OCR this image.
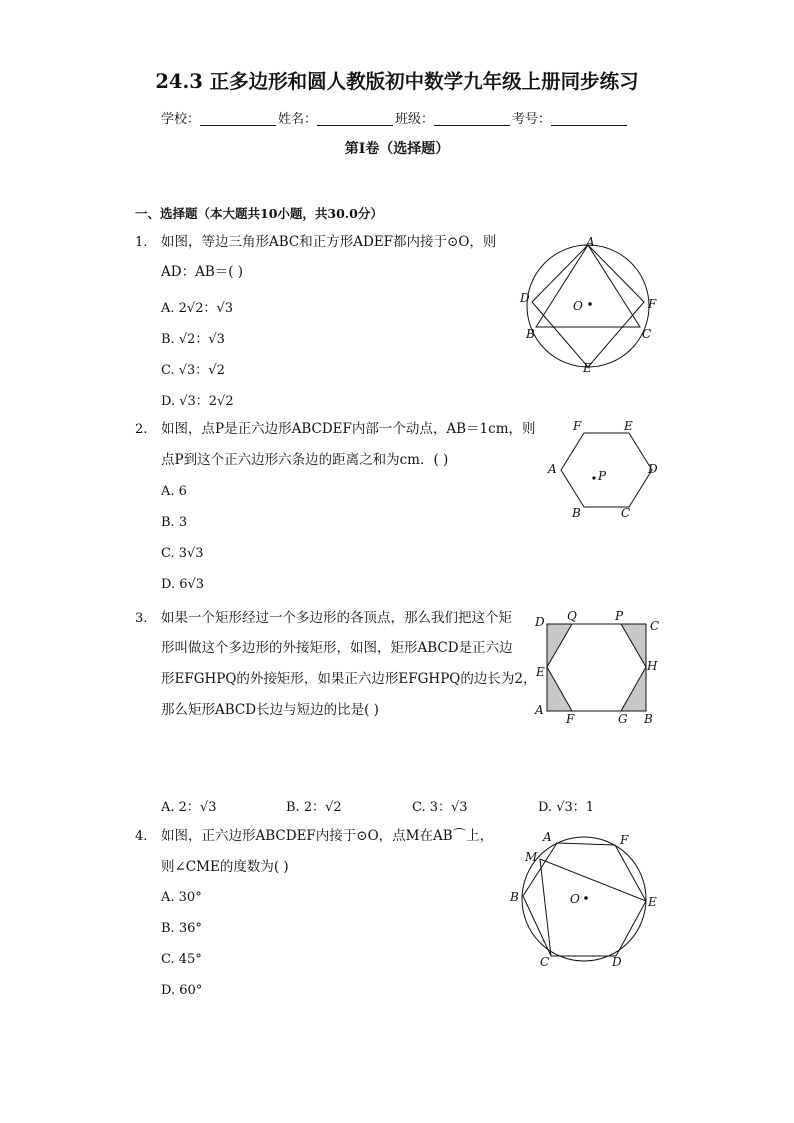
24.3 正多边形和圆人教版初中数学九年级上册同步练习
学校：	姓名：	班级：	考号：
第I卷（选择题）
一、选择题（本大题共10小题，共30.0分）
1. 如图，等边三角形ABC和正方形ADEF都内接于⊙O，则
AD：AB＝( )
A. 2√2：√3
B. √2：√3
C. √3：√2
D. √3：2√2
A
D	F
B	C
E
O
2. 如图，点P是正六边形ABCDEF内部一个动点，AB＝1cm，则
点P到这个正六边形六条边的距离之和为cm．( )
A. 6
B. 3
C. 3√3
D. 6√3
F	E
A	D
P
B	C
3. 如果一个矩形经过一个多边形的各顶点，那么我们把这个矩
形叫做这个多边形的外接矩形，如图，矩形ABCD是正六边
形EFGHPQ的外接矩形，如果正六边形EFGHPQ的边长为2，
那么矩形ABCD长边与短边的比是( )
A. 2：√3	B. 2：√2	C. 3：√3	D. √3：1
D Q	P
C
E	H
A
F	G B
4. 如图，正六边形ABCDEF内接于⊙O，点M在AB⌒上，
则∠CME的度数为( )
A. 30°
B. 36°
C. 45°
D. 60°
A	F
M
B	O	E
C	D
